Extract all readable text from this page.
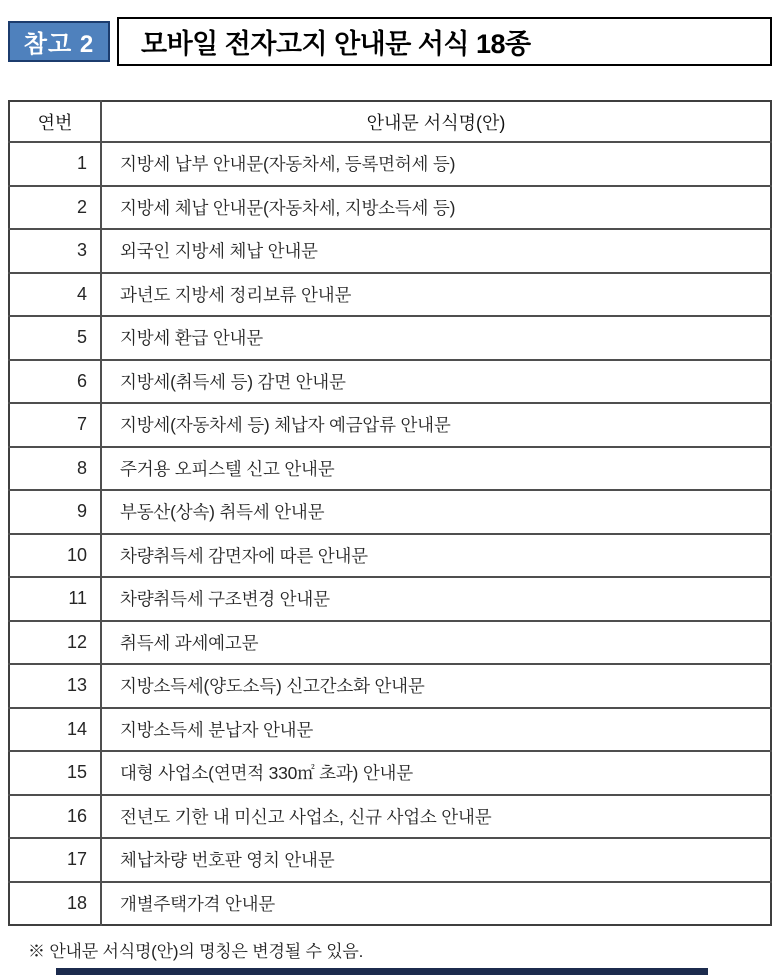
참고 2 모바일 전자고지 안내문 서식 18종
연번	안내문 서식명(안)
1	지방세 납부 안내문(자동차세, 등록면허세 등)
2	지방세 체납 안내문(자동차세, 지방소득세 등)
3	외국인 지방세 체납 안내문
4	과년도 지방세 정리보류 안내문
5	지방세 환급 안내문
6	지방세(취득세 등) 감면 안내문
7	지방세(자동차세 등) 체납자 예금압류 안내문
8	주거용 오피스텔 신고 안내문
9	부동산(상속) 취득세 안내문
10	차량취득세 감면자에 따른 안내문
11	차량취득세 구조변경 안내문
12	취득세 과세예고문
13	지방소득세(양도소득) 신고간소화 안내문
14	지방소득세 분납자 안내문
15	대형 사업소(연면적 330㎡ 초과) 안내문
16	전년도 기한 내 미신고 사업소, 신규 사업소 안내문
17	체납차량 번호판 영치 안내문
18	개별주택가격 안내문
※ 안내문 서식명(안)의 명칭은 변경될 수 있음.
